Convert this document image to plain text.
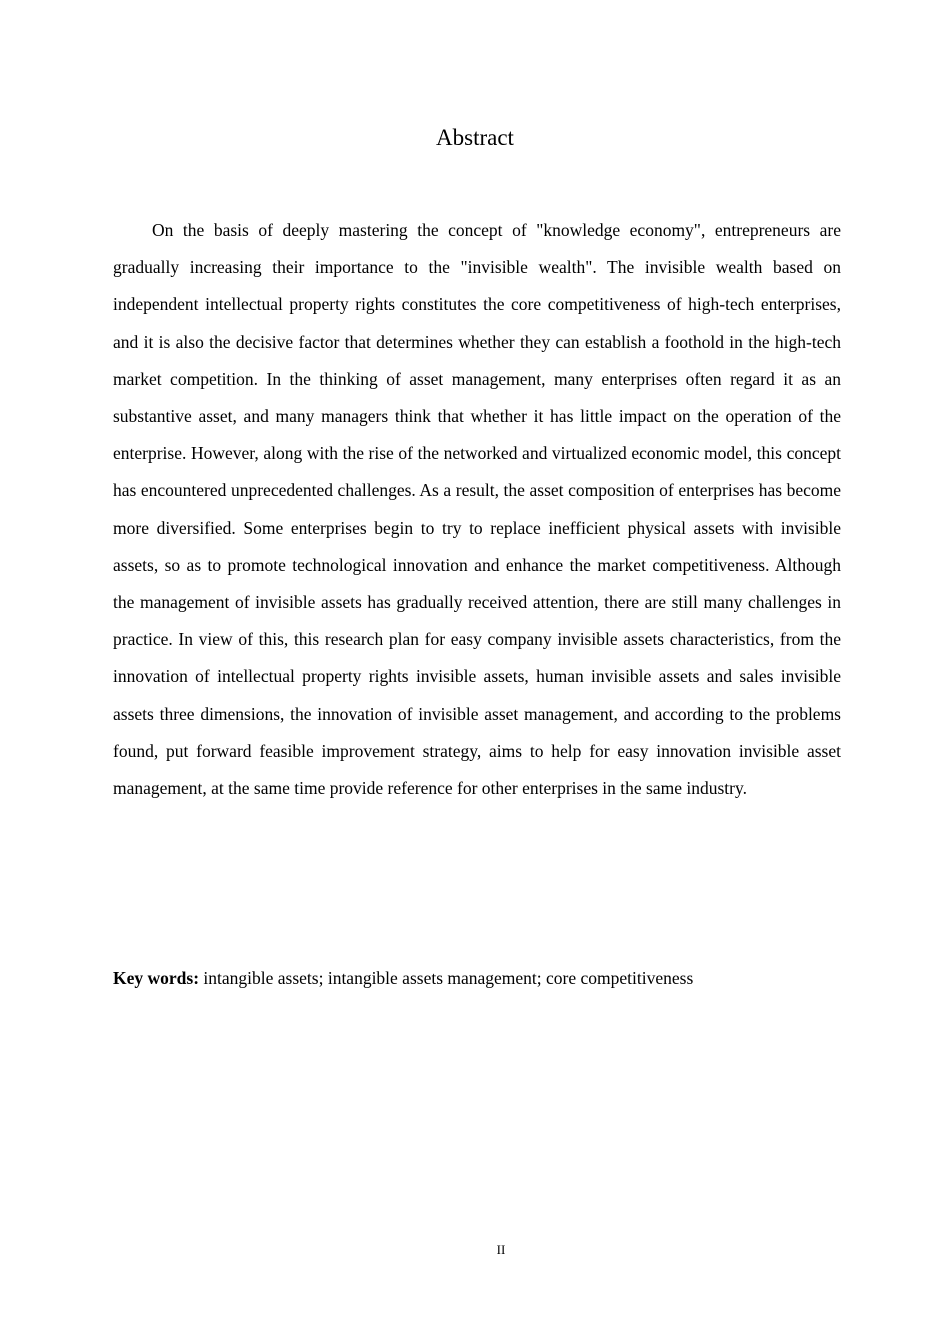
Abstract

On the basis of deeply mastering the concept of "knowledge economy", entrepreneurs are gradually increasing their importance to the "invisible wealth". The invisible wealth based on independent intellectual property rights constitutes the core competitiveness of high-tech enterprises, and it is also the decisive factor that determines whether they can establish a foothold in the high-tech market competition. In the thinking of asset management, many enterprises often regard it as an substantive asset, and many managers think that whether it has little impact on the operation of the enterprise. However, along with the rise of the networked and virtualized economic model, this concept has encountered unprecedented challenges. As a result, the asset composition of enterprises has become more diversified. Some enterprises begin to try to replace inefficient physical assets with invisible assets, so as to promote technological innovation and enhance the market competitiveness. Although the management of invisible assets has gradually received attention, there are still many challenges in practice. In view of this, this research plan for easy company invisible assets characteristics, from the innovation of intellectual property rights invisible assets, human invisible assets and sales invisible assets three dimensions, the innovation of invisible asset management, and according to the problems found, put forward feasible improvement strategy, aims to help for easy innovation invisible asset management, at the same time provide reference for other enterprises in the same industry.

Key words: intangible assets; intangible assets management; core competitiveness

II
